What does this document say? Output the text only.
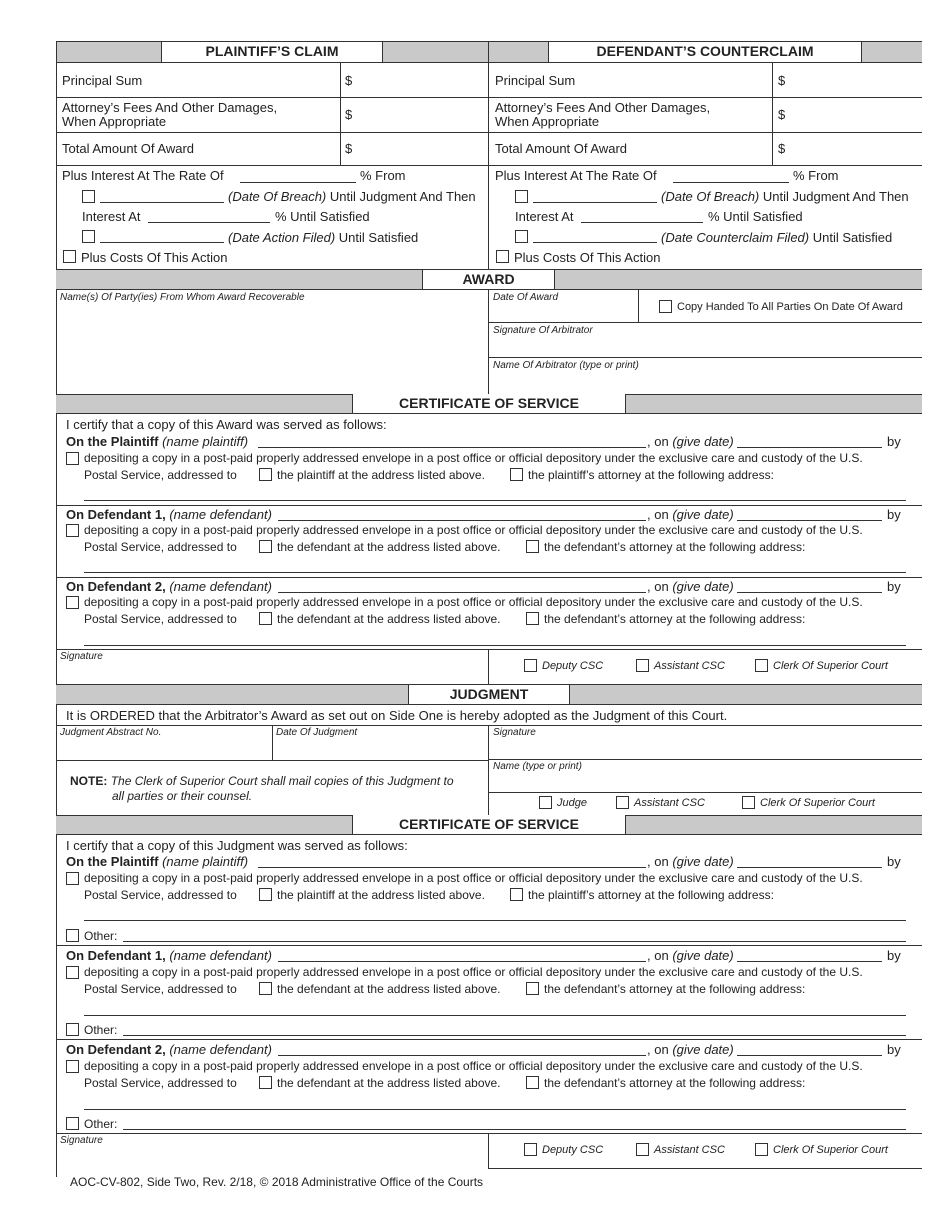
PLAINTIFF’S CLAIM	DEFENDANT’S COUNTERCLAIM
Principal Sum	$
Attorney’s Fees And Other Damages,
When Appropriate	$
Total Amount Of Award	$
Principal Sum	$
Attorney’s Fees And Other Damages,
When Appropriate	$
Total Amount Of Award	$
Plus Interest At The Rate Of	% From
(Date Of Breach) Until Judgment And Then
Interest At	% Until Satisfied
(Date Action Filed) Until Satisfied
Plus Costs Of This Action
Plus Interest At The Rate Of	% From
(Date Of Breach) Until Judgment And Then
Interest At	% Until Satisfied
(Date Counterclaim Filed) Until Satisfied
Plus Costs Of This Action
AWARD
Name(s) Of Party(ies) From Whom Award Recoverable	Date Of Award
Copy Handed To All Parties On Date Of Award
Signature Of Arbitrator
Name Of Arbitrator (type or print)
CERTIFICATE OF SERVICE
I certify that a copy of this Award was served as follows:
On the Plaintiff (name plaintiff)	, on (give date)	by
depositing a copy in a post-paid properly addressed envelope in a post office or official depository under the exclusive care and custody of the U.S.
Postal Service, addressed to	the plaintiff at the address listed above.	the plaintiff’s attorney at the following address:
On Defendant 1, (name defendant)	, on (give date)	by
depositing a copy in a post-paid properly addressed envelope in a post office or official depository under the exclusive care and custody of the U.S.
Postal Service, addressed to	the defendant at the address listed above.	the defendant’s attorney at the following address:
On Defendant 2, (name defendant)	, on (give date)	by
depositing a copy in a post-paid properly addressed envelope in a post office or official depository under the exclusive care and custody of the U.S.
Postal Service, addressed to	the defendant at the address listed above.	the defendant’s attorney at the following address:
Signature
Deputy CSC	Assistant CSC	Clerk Of Superior Court
JUDGMENT
It is ORDERED that the Arbitrator’s Award as set out on Side One is hereby adopted as the Judgment of this Court.
Judgment Abstract No.	Date Of Judgment	Signature
Name (type or print)
NOTE: The Clerk of Superior Court shall mail copies of this Judgment to
all parties or their counsel.	Judge	Assistant CSC	Clerk Of Superior Court
CERTIFICATE OF SERVICE
I certify that a copy of this Judgment was served as follows:
On the Plaintiff (name plaintiff)	, on (give date)	by
depositing a copy in a post-paid properly addressed envelope in a post office or official depository under the exclusive care and custody of the U.S.
Postal Service, addressed to	the plaintiff at the address listed above.	the plaintiff’s attorney at the following address:
Other:
On Defendant 1, (name defendant)	, on (give date)	by
depositing a copy in a post-paid properly addressed envelope in a post office or official depository under the exclusive care and custody of the U.S.
Postal Service, addressed to	the defendant at the address listed above.	the defendant’s attorney at the following address:
Other:
On Defendant 2, (name defendant)	, on (give date)	by
depositing a copy in a post-paid properly addressed envelope in a post office or official depository under the exclusive care and custody of the U.S.
Postal Service, addressed to	the defendant at the address listed above.	the defendant’s attorney at the following address:
Other:
Signature
Deputy CSC	Assistant CSC	Clerk Of Superior Court
AOC-CV-802, Side Two, Rev. 2/18, © 2018 Administrative Office of the Courts
